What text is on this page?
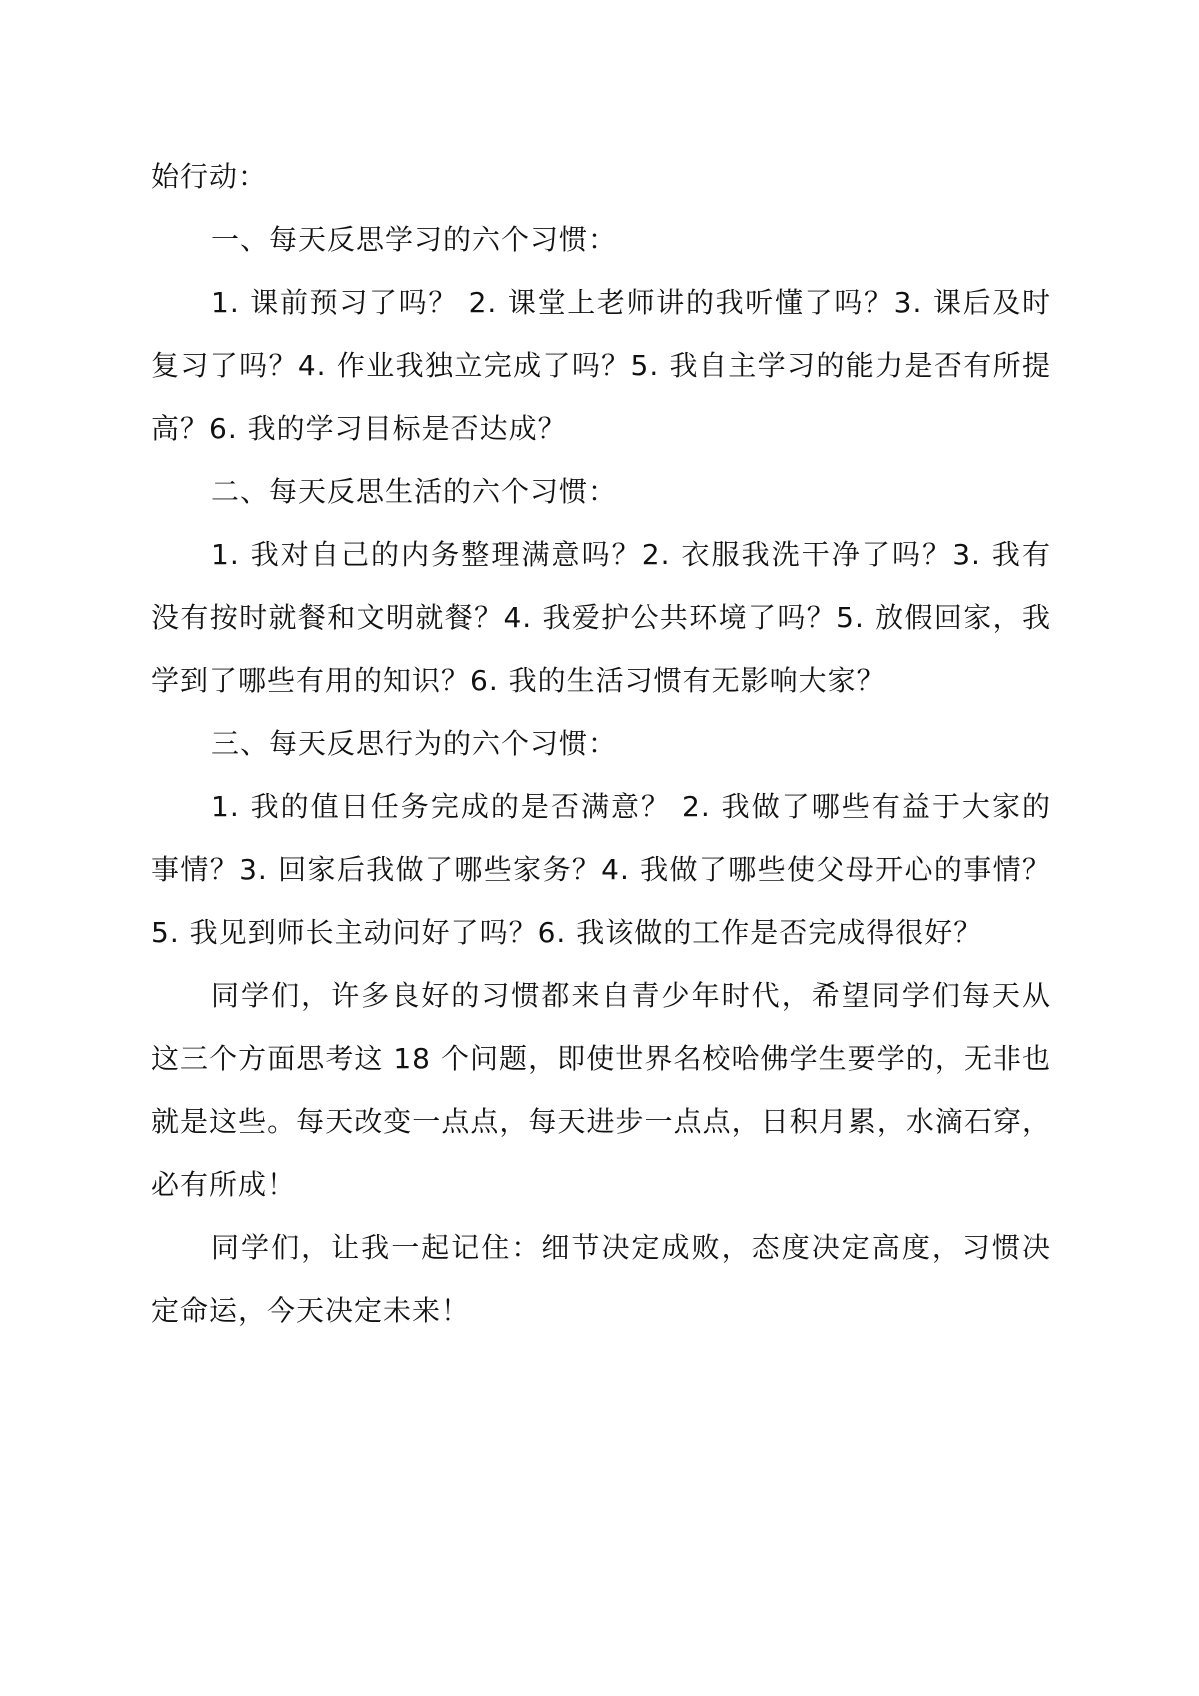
始行动：

一、每天反思学习的六个习惯：

1. 课前预习了吗？ 2. 课堂上老师讲的我听懂了吗？3. 课后及时复习了吗？4. 作业我独立完成了吗？5. 我自主学习的能力是否有所提高？6. 我的学习目标是否达成？

二、每天反思生活的六个习惯：

1. 我对自己的内务整理满意吗？2. 衣服我洗干净了吗？3. 我有没有按时就餐和文明就餐？4. 我爱护公共环境了吗？5. 放假回家，我学到了哪些有用的知识？6. 我的生活习惯有无影响大家？

三、每天反思行为的六个习惯：

1. 我的值日任务完成的是否满意？ 2. 我做了哪些有益于大家的事情？3. 回家后我做了哪些家务？4. 我做了哪些使父母开心的事情？5. 我见到师长主动问好了吗？6. 我该做的工作是否完成得很好？

同学们，许多良好的习惯都来自青少年时代，希望同学们每天从这三个方面思考这 18 个问题，即使世界名校哈佛学生要学的，无非也就是这些。每天改变一点点，每天进步一点点，日积月累，水滴石穿，必有所成！

同学们，让我一起记住：细节决定成败，态度决定高度，习惯决定命运，今天决定未来！
